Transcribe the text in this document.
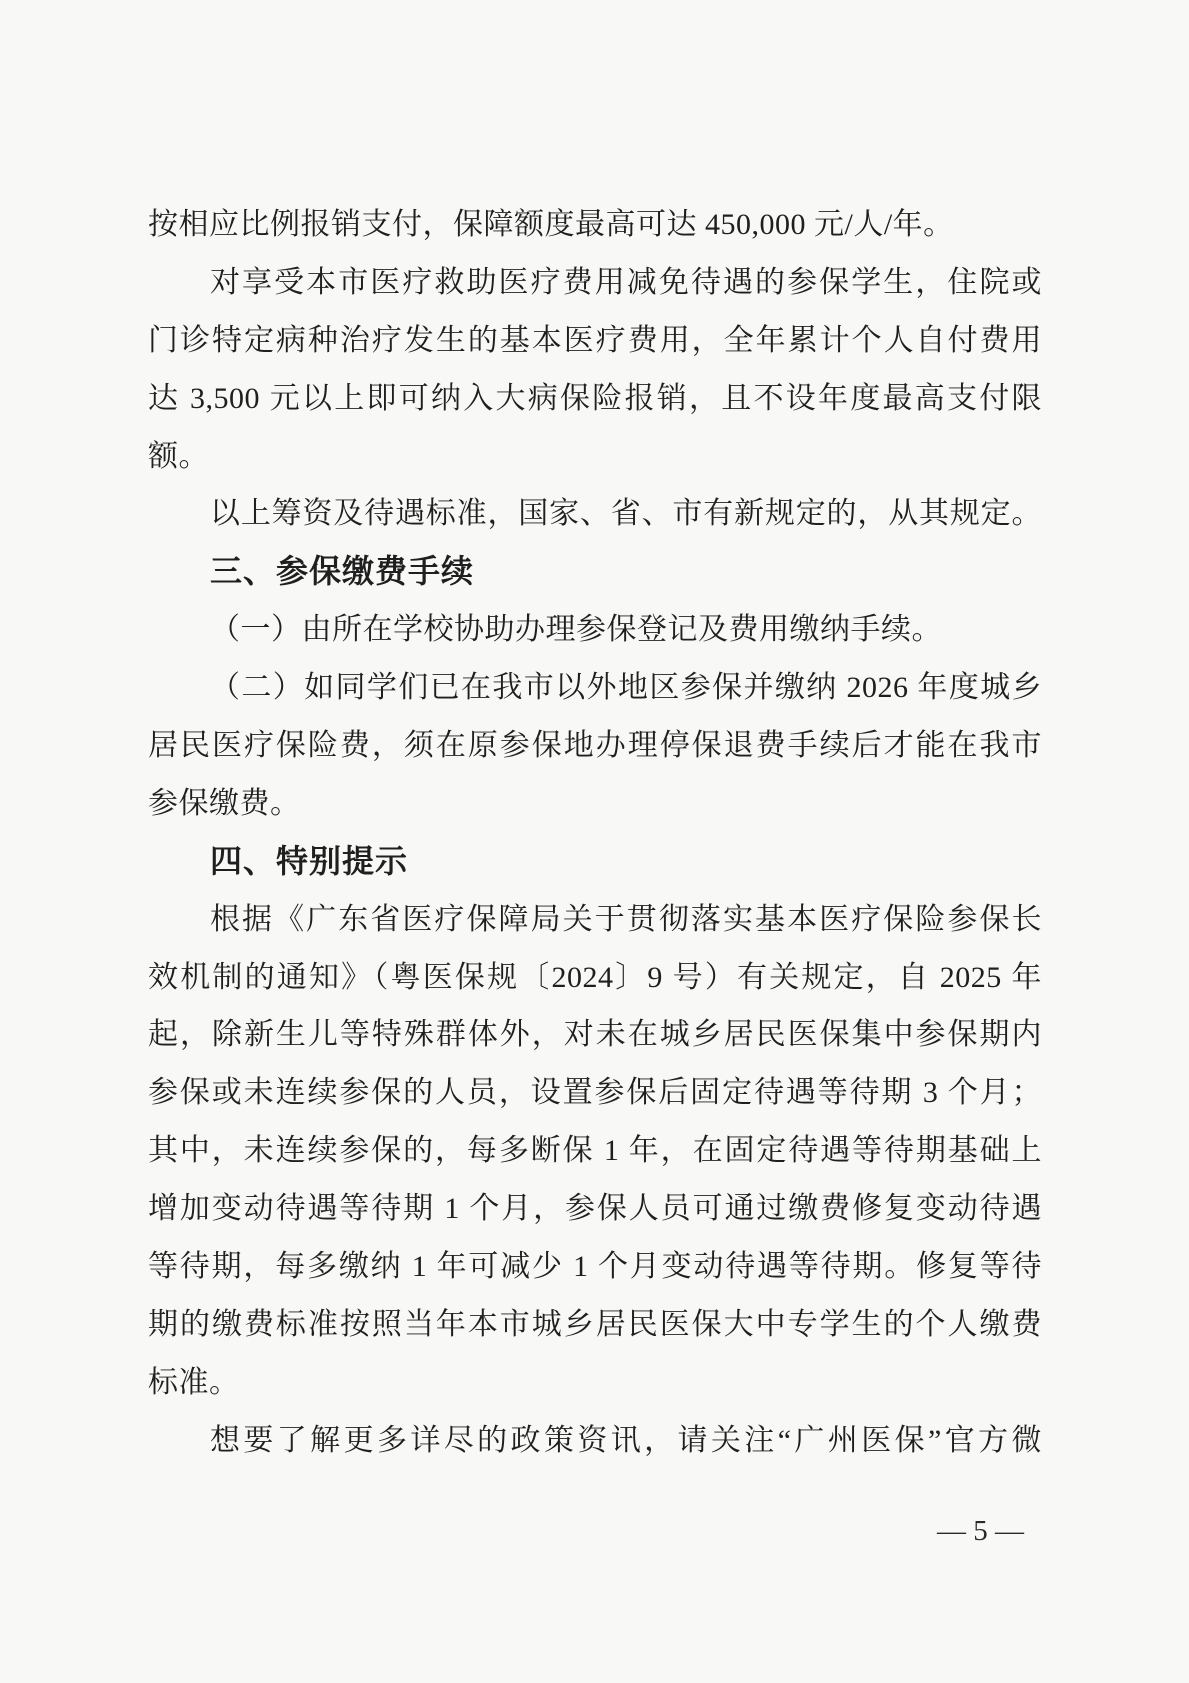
按相应比例报销支付，保障额度最高可达 450,000 元/人/年。
对享受本市医疗救助医疗费用减免待遇的参保学生，住院或
门诊特定病种治疗发生的基本医疗费用，全年累计个人自付费用
达 3,500 元以上即可纳入大病保险报销，且不设年度最高支付限
额。
以上筹资及待遇标准，国家、省、市有新规定的，从其规定。
三、参保缴费手续
（一）由所在学校协助办理参保登记及费用缴纳手续。
（二）如同学们已在我市以外地区参保并缴纳 2026 年度城乡
居民医疗保险费，须在原参保地办理停保退费手续后才能在我市
参保缴费。
四、特别提示
根据《广东省医疗保障局关于贯彻落实基本医疗保险参保长
效机制的通知》（粤医保规〔2024〕9 号）有关规定，自 2025 年
起，除新生儿等特殊群体外，对未在城乡居民医保集中参保期内
参保或未连续参保的人员，设置参保后固定待遇等待期 3 个月；
其中，未连续参保的，每多断保 1 年，在固定待遇等待期基础上
增加变动待遇等待期 1 个月，参保人员可通过缴费修复变动待遇
等待期，每多缴纳 1 年可减少 1 个月变动待遇等待期。修复等待
期的缴费标准按照当年本市城乡居民医保大中专学生的个人缴费
标准。
想要了解更多详尽的政策资讯，请关注“广州医保”官方微
— 5 —
